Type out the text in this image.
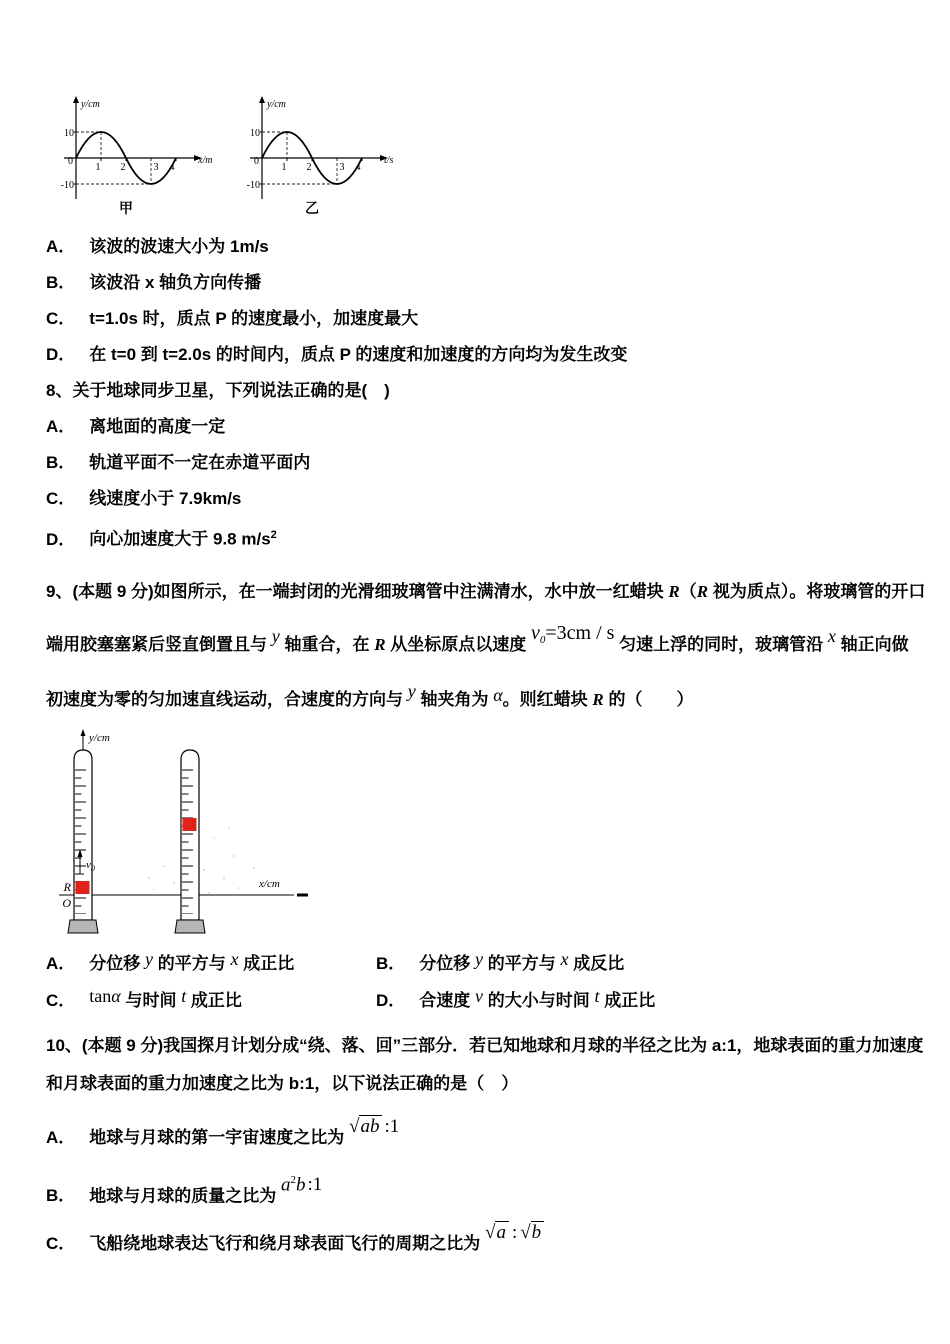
y/cm
x/m
10
0
-10
1 2	3 4
甲
y/cm
t/s
10
0
-10
1 2	3 4
乙
A． 该波的波速大小为 1m/s
B． 该波沿 x 轴负方向传播
C． t=1.0s 时，质点 P 的速度最小，加速度最大
D． 在 t=0 到 t=2.0s 的时间内，质点 P 的速度和加速度的方向均为发生改变
8、关于地球同步卫星，下列说法正确的是(　)
A． 离地面的高度一定
B． 轨道平面不一定在赤道平面内
C． 线速度小于 7.9km/s
D． 向心加速度大于 9.8 $m/s^2$
9、(本题 9 分)如图所示，在一端封闭的光滑细玻璃管中注满清水，水中放一红蜡块 R（R 视为质点）。将玻璃管的开口
端用胶塞塞紧后竖直倒置且与 y 轴重合，在 R 从坐标原点以速度 $v_0=3cm / s$ 匀速上浮的同时，玻璃管沿 x 轴正向做
初速度为零的匀加速直线运动，合速度的方向与 y 轴夹角为 α。则红蜡块 R 的（　　）
y/cm
x/cm
R
O
$v_0$
A． 分位移 y 的平方与 x 成正比	B． 分位移 y 的平方与 x 成反比
C． tanα 与时间 t 成正比	D． 合速度 v 的大小与时间 t 成正比
10、(本题 9 分)我国探月计划分成“绕、落、回”三部分．若已知地球和月球的半径之比为 a:1，地球表面的重力加速度
和月球表面的重力加速度之比为 b:1，以下说法正确的是（　）
A． 地球与月球的第一宇宙速度之比为 √ab :1
B． 地球与月球的质量之比为 $a^2b$ :1
C． 飞船绕地球表达飞行和绕月球表面飞行的周期之比为 √a : √b
